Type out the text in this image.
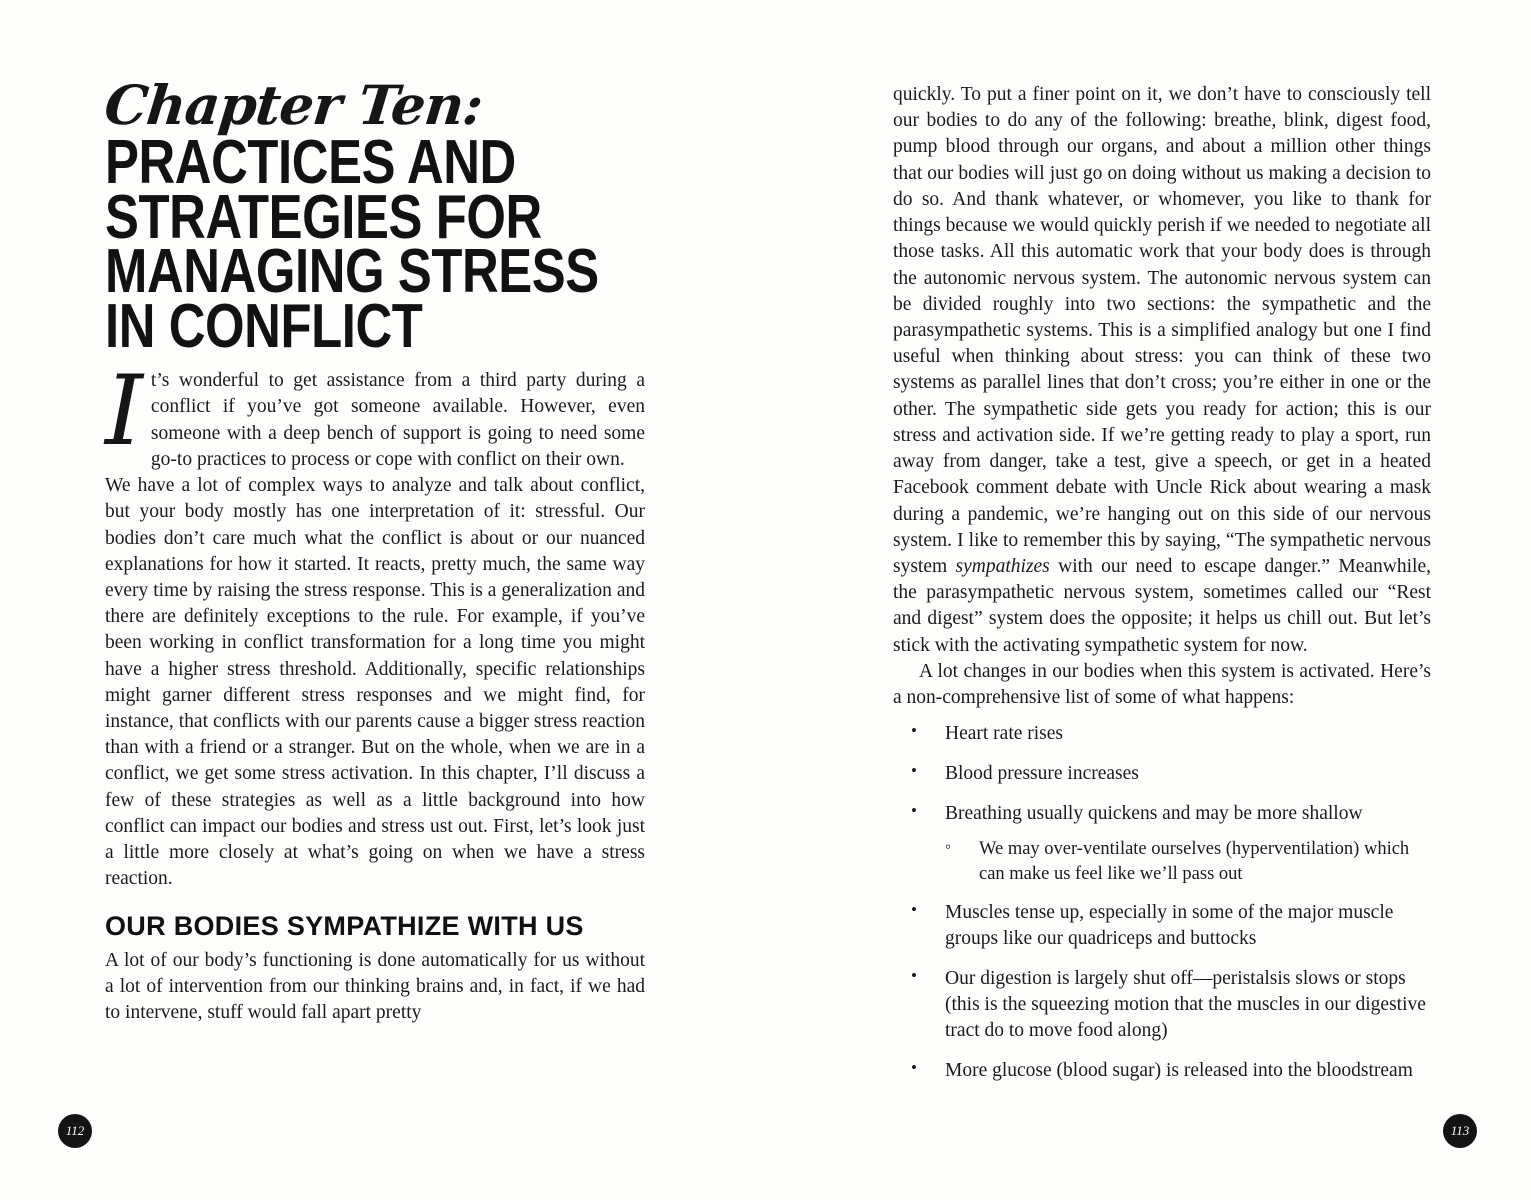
Chapter Ten:
PRACTICES AND STRATEGIES FOR MANAGING STRESS IN CONFLICT

It’s wonderful to get assistance from a third party during a conflict if you’ve got someone available. However, even someone with a deep bench of support is going to need some go-to practices to process or cope with conflict on their own.

We have a lot of complex ways to analyze and talk about conflict, but your body mostly has one interpretation of it: stressful. Our bodies don’t care much what the conflict is about or our nuanced explanations for how it started. It reacts, pretty much, the same way every time by raising the stress response. This is a generalization and there are definitely exceptions to the rule. For example, if you’ve been working in conflict transformation for a long time you might have a higher stress threshold. Additionally, specific relationships might garner different stress responses and we might find, for instance, that conflicts with our parents cause a bigger stress reaction than with a friend or a stranger. But on the whole, when we are in a conflict, we get some stress activation. In this chapter, I’ll discuss a few of these strategies as well as a little background into how conflict can impact our bodies and stress ust out. First, let’s look just a little more closely at what’s going on when we have a stress reaction.

OUR BODIES SYMPATHIZE WITH US

A lot of our body’s functioning is done automatically for us without a lot of intervention from our thinking brains and, in fact, if we had to intervene, stuff would fall apart pretty

quickly. To put a finer point on it, we don’t have to consciously tell our bodies to do any of the following: breathe, blink, digest food, pump blood through our organs, and about a million other things that our bodies will just go on doing without us making a decision to do so. And thank whatever, or whomever, you like to thank for things because we would quickly perish if we needed to negotiate all those tasks. All this automatic work that your body does is through the autonomic nervous system. The autonomic nervous system can be divided roughly into two sections: the sympathetic and the parasympathetic systems. This is a simplified analogy but one I find useful when thinking about stress: you can think of these two systems as parallel lines that don’t cross; you’re either in one or the other. The sympathetic side gets you ready for action; this is our stress and activation side. If we’re getting ready to play a sport, run away from danger, take a test, give a speech, or get in a heated Facebook comment debate with Uncle Rick about wearing a mask during a pandemic, we’re hanging out on this side of our nervous system. I like to remember this by saying, “The sympathetic nervous system sympathizes with our need to escape danger.” Meanwhile, the parasympathetic nervous system, sometimes called our “Rest and digest” system does the opposite; it helps us chill out. But let’s stick with the activating sympathetic system for now.

A lot changes in our bodies when this system is activated. Here’s a non-comprehensive list of some of what happens:

• Heart rate rises
• Blood pressure increases
• Breathing usually quickens and may be more shallow
◦ We may over-ventilate ourselves (hyperventilation) which can make us feel like we’ll pass out
• Muscles tense up, especially in some of the major muscle groups like our quadriceps and buttocks
• Our digestion is largely shut off—peristalsis slows or stops (this is the squeezing motion that the muscles in our digestive tract do to move food along)
• More glucose (blood sugar) is released into the bloodstream
112	113
